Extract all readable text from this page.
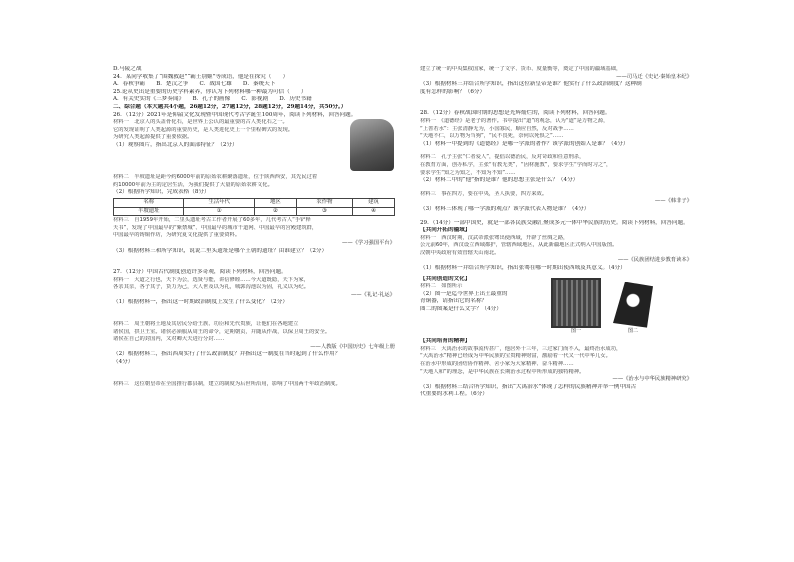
D.马陵之战
24．某同学收集了“围魏救赵”“霸王别姬”等成语，他是在探究（　　）
A．春秋争霸　　B．楚汉之争　　C．战国七雄　　D．秦统天下
25.论从史出是重要的历史学科素养，你认为下列材料哪一种最为可信（　　）
A．有关史实的《三梦奏闻》　　B．孔子的画像　　C．影视剧　　D．历史书籍
二、综合题（本大题共4小题，26题12分，27题12分，28题12分，29题14分，共50分。）
26．（12分）2021年是仰韶文化发现暨中国现代考古学诞生100周年，阅读下列材料，回答问题。
材料一　北京人的头盖骨化石，是世界上公认的最重要的古人类化石之一。
它的发现证明了人类起源的重要历史，是人类进化史上一个里程碑式的发现。
为研究人类起源提供了重要依据。
（1）观察图片，指出北京人的面部特征？（2分）
材料二　半坡遗址是距今约6000年前的原始农耕聚落遗址，位于陕西西安，其先民过着
约10000年前为主的定居生活，为我们提供了大量的原始农耕文化。
（2）根据所学知识，完成表格（8分）
名称	生活年代	地区	农作物	建筑
半坡遗址	①	②	③	④
材料三　自1959年开始，二里头遗址考古工作者开展了60多年，几代考古人“手铲释
天书”，发现了中国最早的“紫禁城”、中国最早的城市干道网、中国最早的宫殿建筑群，
中国最早的铸铜作坊，为研究夏文化提供了重要资料。
——《学习强国平台》
（3）根据材料三和所学知识，说说二里头遗址是哪个王朝的遗址？由谁建立？（2分）
27．（12分）中国古代制度创造许多奇观，阅读下列材料，回答问题。
材料一　大道之行也，天下为公，选贤与能，讲信修睦……今大道既隐，天下为家，
各亲其亲，各子其子，货力为己，大人世及以为礼，城郭沟池以为固，礼义以为纪。
——《礼记·礼运》
（1）根据材料一，指出这一时期政治制度上发生了什么变化？（2分）
材料二　周王朝将土地及其居民分给王族、功臣和先代贵族，让他们在各地建立
诸侯国，拱卫王室。诸侯必须服从周王的命令，定期朝贡，并随从作战，以保卫周王的安全。
诸侯在自己的封国内，又对卿大夫进行分封……
——人教版《中国历史》七年级上册
（2）根据材料二，指出西周实行了什么政治制度？并指出这一制度在当时起到了什么作用？
（4分）
材料三　这位朝皇帝在全国推行郡县制，建立的制度为后世所沿用，影响了中国两千年政治制度。
建立了统一的中央集权国家，统一了文字、货币、度量衡等，奠定了中国的疆域基础，
——司马迁《史记·秦始皇本纪》
（3）根据材料三并结合所学知识，指出这位新皇帝是谁？他实行了什么政治制度？这种制
度有怎样的影响？（6分）
28．（12分）春秋战国时期的思想是光辉灿烂的，阅读下列材料，回答问题。
材料一　《道德经》是老子的著作。书中提出“道”的观念，认为“道”是万物之源，
“上善若水”：主张清静无为，小国寡民，顺应自然，反对战争……
“天地不仁，以万物为刍狗”，“民不畏死，奈何以死惧之”……
（1）材料一中提到的《道德经》是哪一学派的著作？该学派的创始人是谁？（4分）
材料二　孔子主张“仁者爱人”，提倡以德治民，反对苛政和任意刑杀，
在教育方面，创办私学，主张“有教无类”，“因材施教”，要求学生“学而时习之”，
要求学生“知之为知之，不知为不知”……
（2）材料二中的“他”指的是谁？他的思想主张是什么？（4分）
材料三　事在四方，要在中央，圣人执要，四方来效。
——《韩非子》
（3）材料三体现了哪一学派的观点？该学派代表人物是谁？（4分）
29．（14分）一部中国史，就是一部各民族交融汇聚成多元一体中华民族的历史。阅读下列材料，回答问题。
【共同开拓的疆域】
材料一　西汉时期，汉武帝派张骞出使西域，开辟了丝绸之路，
公元前60年，西汉设立西域都护，管辖西域地区，从此新疆地区正式纳入中国版图。
汉朝中央政府有效管辖天山南北。
——《民族团结进步教育读本》
（1）根据材料一并结合所学知识，指出张骞在哪一时期出使西域及其意义。（4分）
【共同创造的文化】
材料二　如图所示
（2）图一是迄今世界上出土最重的
青铜器，请指出它的名称？
图二的图案是什么文字？（4分）
图一	图二
【共同培育的精神】
材料三　大禹治水的故事流传甚广，他居外十三年，三过家门而不入，最终治水成功，
“大禹治水”精神已经成为中华民族的宝贵精神财富，激励着一代又一代中华儿女。
在治水中形成的团结协作精神、舍小家为大家精神、奋斗精神……
“天地人和”的理念，是中华民族在长期治水过程中所形成的独特精神。
——《治水与中华民族精神研究》
（3）根据材料三结合所学知识，指出“大禹治水”体现了怎样的民族精神并举一例中国古
代重要的水利工程。（6分）
